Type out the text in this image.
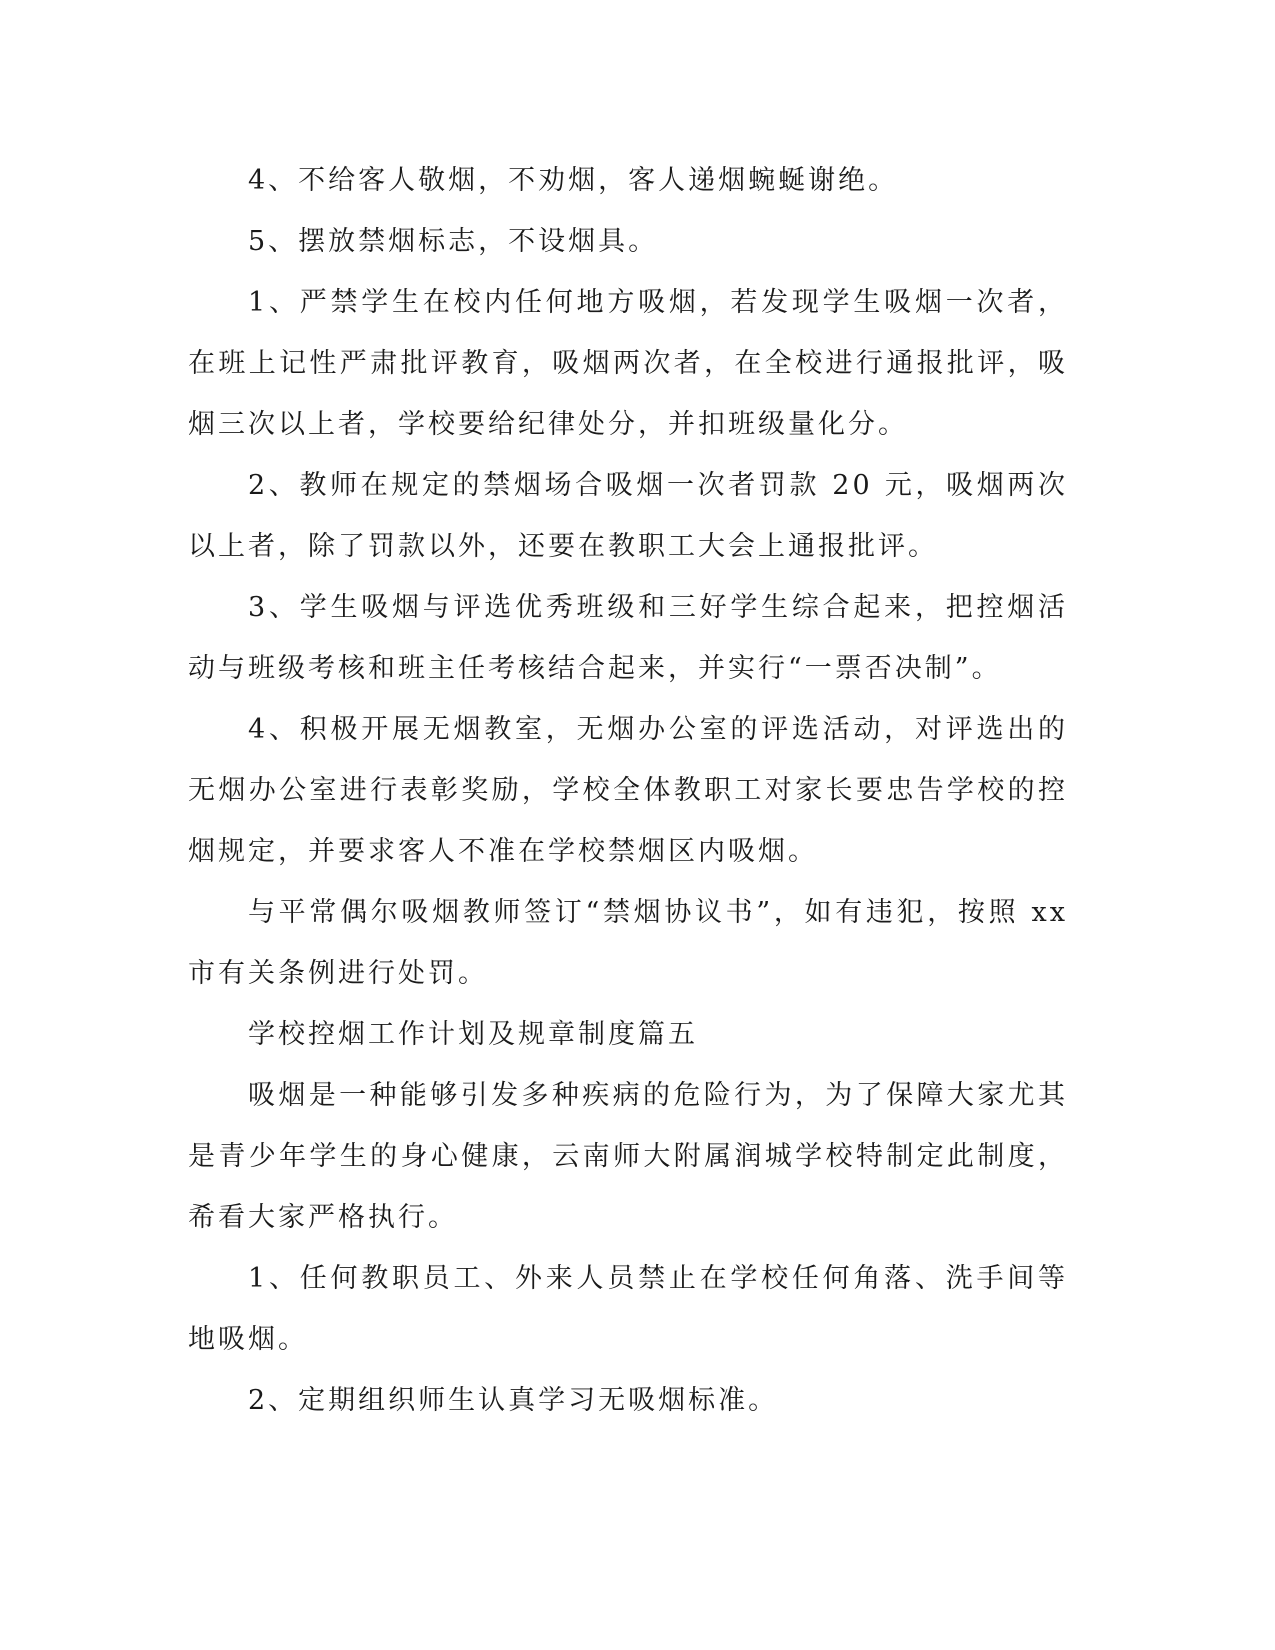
4、不给客人敬烟，不劝烟，客人递烟蜿蜒谢绝。

5、摆放禁烟标志，不设烟具。

1、严禁学生在校内任何地方吸烟，若发现学生吸烟一次者，在班上记性严肃批评教育，吸烟两次者，在全校进行通报批评，吸烟三次以上者，学校要给纪律处分，并扣班级量化分。

2、教师在规定的禁烟场合吸烟一次者罚款 20 元，吸烟两次以上者，除了罚款以外，还要在教职工大会上通报批评。

3、学生吸烟与评选优秀班级和三好学生综合起来，把控烟活动与班级考核和班主任考核结合起来，并实行“一票否决制”。

4、积极开展无烟教室，无烟办公室的评选活动，对评选出的无烟办公室进行表彰奖励，学校全体教职工对家长要忠告学校的控烟规定，并要求客人不准在学校禁烟区内吸烟。

与平常偶尔吸烟教师签订“禁烟协议书”，如有违犯，按照 xx 市有关条例进行处罚。

学校控烟工作计划及规章制度篇五

吸烟是一种能够引发多种疾病的危险行为，为了保障大家尤其是青少年学生的身心健康，云南师大附属润城学校特制定此制度，希看大家严格执行。

1、任何教职员工、外来人员禁止在学校任何角落、洗手间等地吸烟。

2、定期组织师生认真学习无吸烟标准。
